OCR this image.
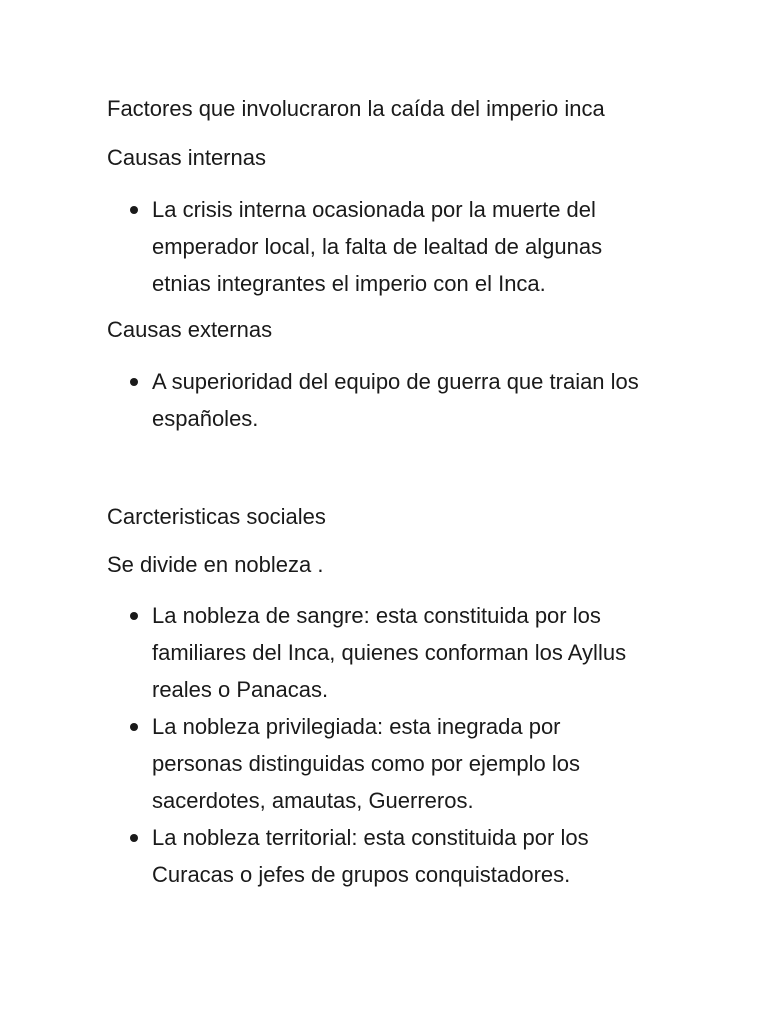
Factores que involucraron la caída del imperio inca

Causas internas

La crisis interna ocasionada por la muerte del emperador local, la falta de lealtad de algunas etnias integrantes el imperio con el Inca.

Causas externas

A superioridad del equipo de guerra que traian los españoles.

Carcteristicas sociales

Se divide en nobleza .

La nobleza de sangre: esta constituida por los familiares del Inca, quienes conforman los Ayllus reales o Panacas.
La nobleza privilegiada: esta inegrada por personas distinguidas como por ejemplo los sacerdotes, amautas, Guerreros.
La nobleza territorial: esta constituida por los Curacas o jefes de grupos conquistadores.
